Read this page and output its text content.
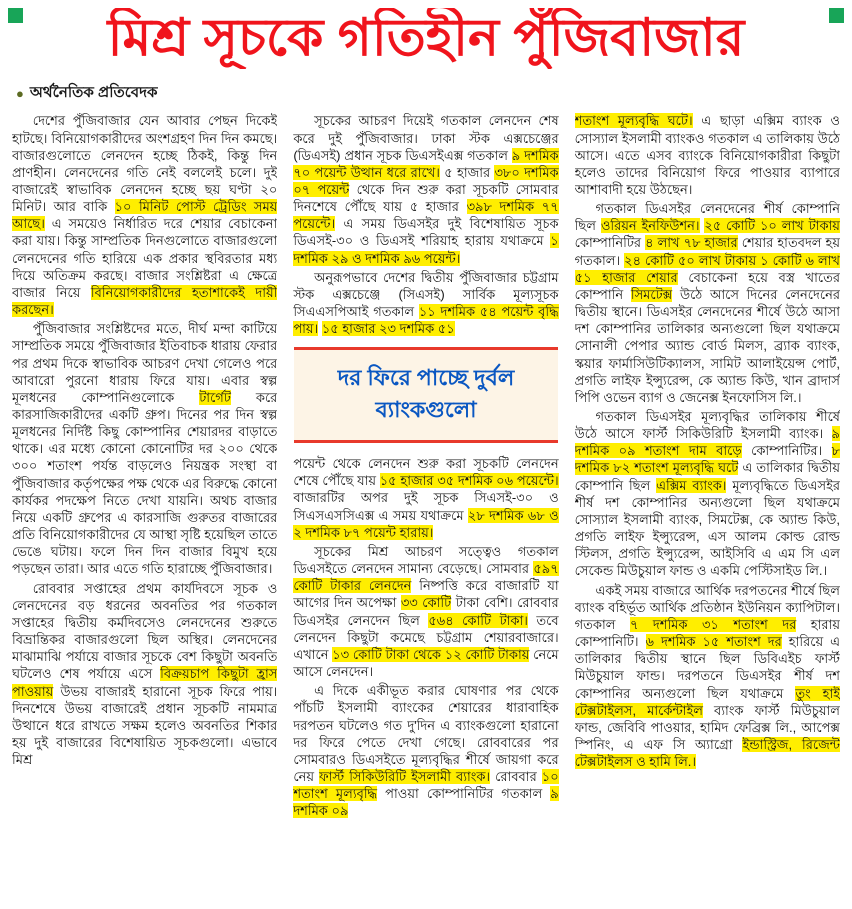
মিশ্র সূচকে গতিহীন পুঁজিবাজার
● অর্থনৈতিক প্রতিবেদক

দেশের পুঁজিবাজার যেন আবার পেছন দিকেই হাটছে। বিনিয়োগকারীদের অংশগ্রহণ দিন দিন কমছে। বাজারগুলোতে লেনদেন হচ্ছে ঠিকই, কিন্তু দিন প্রাণহীন। লেনদেনের গতি নেই বললেই চলে। দুই বাজারেই স্বাভাবিক লেনদেন হচ্ছে ছয় ঘণ্টা ২০ মিনিট। আর বাকি ১০ মিনিট পোস্ট ট্রেডিং সময় আছে। এ সময়েও নির্ধারিত দরে শেয়ার বেচাকেনা করা যায়। কিন্তু সাম্প্রতিক দিনগুলোতে বাজারগুলো লেনদেনের গতি হারিয়ে এক প্রকার স্থবিরতার মধ্য দিয়ে অতিক্রম করছে। বাজার সংশ্লিষ্টরা এ ক্ষেত্রে বাজার নিয়ে বিনিয়োগকারীদের হতাশাকেই দায়ী করছেন।

পুঁজিবাজার সংশ্লিষ্টদের মতে, দীর্ঘ মন্দা কাটিয়ে সাম্প্রতিক সময়ে পুঁজিবাজার ইতিবাচক ধারায় ফেরার পর প্রথম দিকে স্বাভাবিক আচরণ দেখা গেলেও পরে আবারো পুরনো ধারায় ফিরে যায়। এবার স্বল্প মূলধনের কোম্পানিগুলোকে টার্গেট করে কারসাজিকারীদের একটি গ্রুপ। দিনের পর দিন স্বল্প মূলধনের নির্দিষ্ট কিছু কোম্পানির শেয়ারদর বাড়াতে থাকে। এর মধ্যে কোনো কোনোটির দর ২০০ থেকে ৩০০ শতাংশ পর্যন্ত বাড়লেও নিয়ন্ত্রক সংস্থা বা পুঁজিবাজার কর্তৃপক্ষের পক্ষ থেকে এর বিরুদ্ধে কোনো কার্যকর পদক্ষেপ নিতে দেখা যায়নি। অথচ বাজার নিয়ে একটি গ্রুপের এ কারসাজি গুরুতর বাজারের প্রতি বিনিয়োগকারীদের যে আস্থা সৃষ্টি হয়েছিল তাতে ভেঙে ঘটায়। ফলে দিন দিন বাজার বিমুখ হয়ে পড়ছেন তারা। আর এতে গতি হারাচ্ছে পুঁজিবাজার।

রোববার সপ্তাহের প্রথম কার্যদিবসে সূচক ও লেনদেনের বড় ধরনের অবনতির পর গতকাল সপ্তাহের দ্বিতীয় কর্মদিবসেও লেনদেনের শুরুতে বিভ্রান্তিকর বাজারগুলো ছিল অস্থির। লেনদেনের মাঝামাঝি পর্যায়ে বাজার সূচকে বেশ কিছুটা অবনতি ঘটলেও শেষ পর্যায়ে এসে বিক্রয়চাপ কিছুটা হ্রাস পাওয়ায় উভয় বাজারই হারানো সূচক ফিরে পায়। দিনশেষে উভয় বাজারেই প্রধান সূচকটি নামমাত্র উত্থানে ধরে রাখতে সক্ষম হলেও অবনতির শিকার হয় দুই বাজারের বিশেষায়িত সূচকগুলো। এভাবে মিশ্র

সূচকের আচরণ দিয়েই গতকাল লেনদেন শেষ করে দুই পুঁজিবাজার। ঢাকা স্টক এক্সচেঞ্জের (ডিএসই) প্রধান সূচক ডিএসইএক্স গতকাল ৯ দশমিক ৭০ পয়েন্ট উত্থান ধরে রাখে। ৫ হাজার ৩৮০ দশমিক ০৭ পয়েন্ট থেকে দিন শুরু করা সূচকটি সোমবার দিনশেষে পৌঁছে যায় ৫ হাজার ৩৯৮ দশমিক ৭৭ পয়েন্টে। এ সময় ডিএসইর দুই বিশেষায়িত সূচক ডিএসই-৩০ ও ডিএসই শরিয়াহ হারায় যথাক্রমে ১ দশমিক ২৯ ও দশমিক ৯৬ পয়েন্ট।

অনুরূপভাবে দেশের দ্বিতীয় পুঁজিবাজার চট্টগ্রাম স্টক এক্সচেঞ্জে (সিএসই) সার্বিক মূল্যসূচক সিএএসপিআই গতকাল ১১ দশমিক ৫৪ পয়েন্ট বৃদ্ধি পায়। ১৫ হাজার ২৩ দশমিক ৫১

দর ফিরে পাচ্ছে দুর্বল
ব্যাংকগুলো

পয়েন্ট থেকে লেনদেন শুরু করা সূচকটি লেনদেন শেষে পৌঁছে যায় ১৫ হাজার ৩৫ দশমিক ০৬ পয়েন্টে। বাজারটির অপর দুই সূচক সিএসই-৩০ ও সিএসএসসিএক্স এ সময় যথাক্রমে ২৮ দশমিক ৬৮ ও ২ দশমিক ৮৭ পয়েন্ট হারায়।

সূচকের মিশ্র আচরণ সত্ত্বেও গতকাল ডিএসইতে লেনদেন সামান্য বেড়েছে। সোমবার ৫৯৭ কোটি টাকার লেনদেন নিষ্পত্তি করে বাজারটি যা আগের দিন অপেক্ষা ৩৩ কোটি টাকা বেশি। রোববার ডিএসইর লেনদেন ছিল ৫৬৪ কোটি টাকা। তবে লেনদেন কিছুটা কমেছে চট্টগ্রাম শেয়ারবাজারে। এখানে ১৩ কোটি টাকা থেকে ১২ কোটি টাকায় নেমে আসে লেনদেন।

এ দিকে একীভূত করার ঘোষণার পর থেকে পাঁচটি ইসলামী ব্যাংকের শেয়ারের ধারাবাহিক দরপতন ঘটলেও গত দু'দিন এ ব্যাংকগুলো হারানো দর ফিরে পেতে দেখা গেছে। রোববারের পর সোমবারও ডিএসইতে মূল্যবৃদ্ধির শীর্ষে জায়গা করে নেয় ফার্স্ট সিকিউরিটি ইসলামী ব্যাংক। রোববার ১০ শতাংশ মূল্যবৃদ্ধি পাওয়া কোম্পানিটির গতকাল ৯ দশমিক ০৯

শতাংশ মূল্যবৃদ্ধি ঘটে। এ ছাড়া এক্সিম ব্যাংক ও সোস্যাল ইসলামী ব্যাংকও গতকাল এ তালিকায় উঠে আসে। এতে এসব ব্যাংকে বিনিয়োগকারীরা কিছুটা হলেও তাদের বিনিয়োগ ফিরে পাওয়ার ব্যাপারে আশাবাদী হয়ে উঠছেন।

গতকাল ডিএসইর লেনদেনের শীর্ষ কোম্পানি ছিল ওরিয়ন ইনফিউশন। ২৫ কোটি ১০ লাখ টাকায় কোম্পানিটির ৪ লাখ ৭৮ হাজার শেয়ার হাতবদল হয় গতকাল। ২৪ কোটি ৫০ লাখ টাকায় ১ কোটি ৬ লাখ ৫১ হাজার শেয়ার বেচাকেনা হয়ে বস্ত্র খাতের কোম্পানি সিমটেক্স উঠে আসে দিনের লেনদেনের দ্বিতীয় স্থানে। ডিএসইর লেনদেনের শীর্ষে উঠে আসা দশ কোম্পানির তালিকার অন্যগুলো ছিল যথাক্রমে সোনালী পেপার অ্যান্ড বোর্ড মিলস, ব্র্যাক ব্যাংক, স্কয়ার ফার্মাসিউটিক্যালস, সামিট আলাইয়েন্স পোর্ট, প্রগতি লাইফ ইন্স্যুরেন্স, কে অ্যান্ড কিউ, খান ব্রাদার্স পিপি ওভেন ব্যাগ ও জেনেক্স ইনফোসিস লি.।

গতকাল ডিএসইর মূল্যবৃদ্ধির তালিকায় শীর্ষে উঠে আসে ফার্স্ট সিকিউরিটি ইসলামী ব্যাংক। ৯ দশমিক ০৯ শতাংশ দাম বাড়ে কোম্পানিটির। ৮ দশমিক ৮২ শতাংশ মূল্যবৃদ্ধি ঘটে এ তালিকার দ্বিতীয় কোম্পানি ছিল এক্সিম ব্যাংক। মূল্যবৃদ্ধিতে ডিএসইর শীর্ষ দশ কোম্পানির অন্যগুলো ছিল যথাক্রমে সোস্যাল ইসলামী ব্যাংক, সিমটেক্স, কে অ্যান্ড কিউ, প্রগতি লাইফ ইন্স্যুরেন্স, এস আলম কোল্ড রোল্ড স্টিলস, প্রগতি ইন্স্যুরেন্স, আইসিবি এ এম সি এল সেকেন্ড মিউচুয়াল ফান্ড ও একমি পেস্টিসাইড লি.।

একই সময় বাজারে আর্থিক দরপতনের শীর্ষে ছিল ব্যাংক বহির্ভূত আর্থিক প্রতিষ্ঠান ইউনিয়ন ক্যাপিটাল। গতকাল ৭ দশমিক ৩১ শতাংশ দর হারায় কোম্পানিটি। ৬ দশমিক ১৫ শতাংশ দর হারিয়ে এ তালিকার দ্বিতীয় স্থানে ছিল ডিবিএইচ ফার্স্ট মিউচুয়াল ফান্ড। দরপতনে ডিএসইর শীর্ষ দশ কোম্পানির অন্যগুলো ছিল যথাক্রমে তুং হাই টেক্সটাইলস, মার্কেন্টাইল ব্যাংক ফার্স্ট মিউচুয়াল ফান্ড, জেবিবি পাওয়ার, হামিদ ফেব্রিক্স লি., আপেক্স স্পিনিং, এ এফ সি অ্যাগ্রো ইন্ডাস্ট্রিজ, রিজেন্ট টেক্সটাইলস ও হামি লি.।
